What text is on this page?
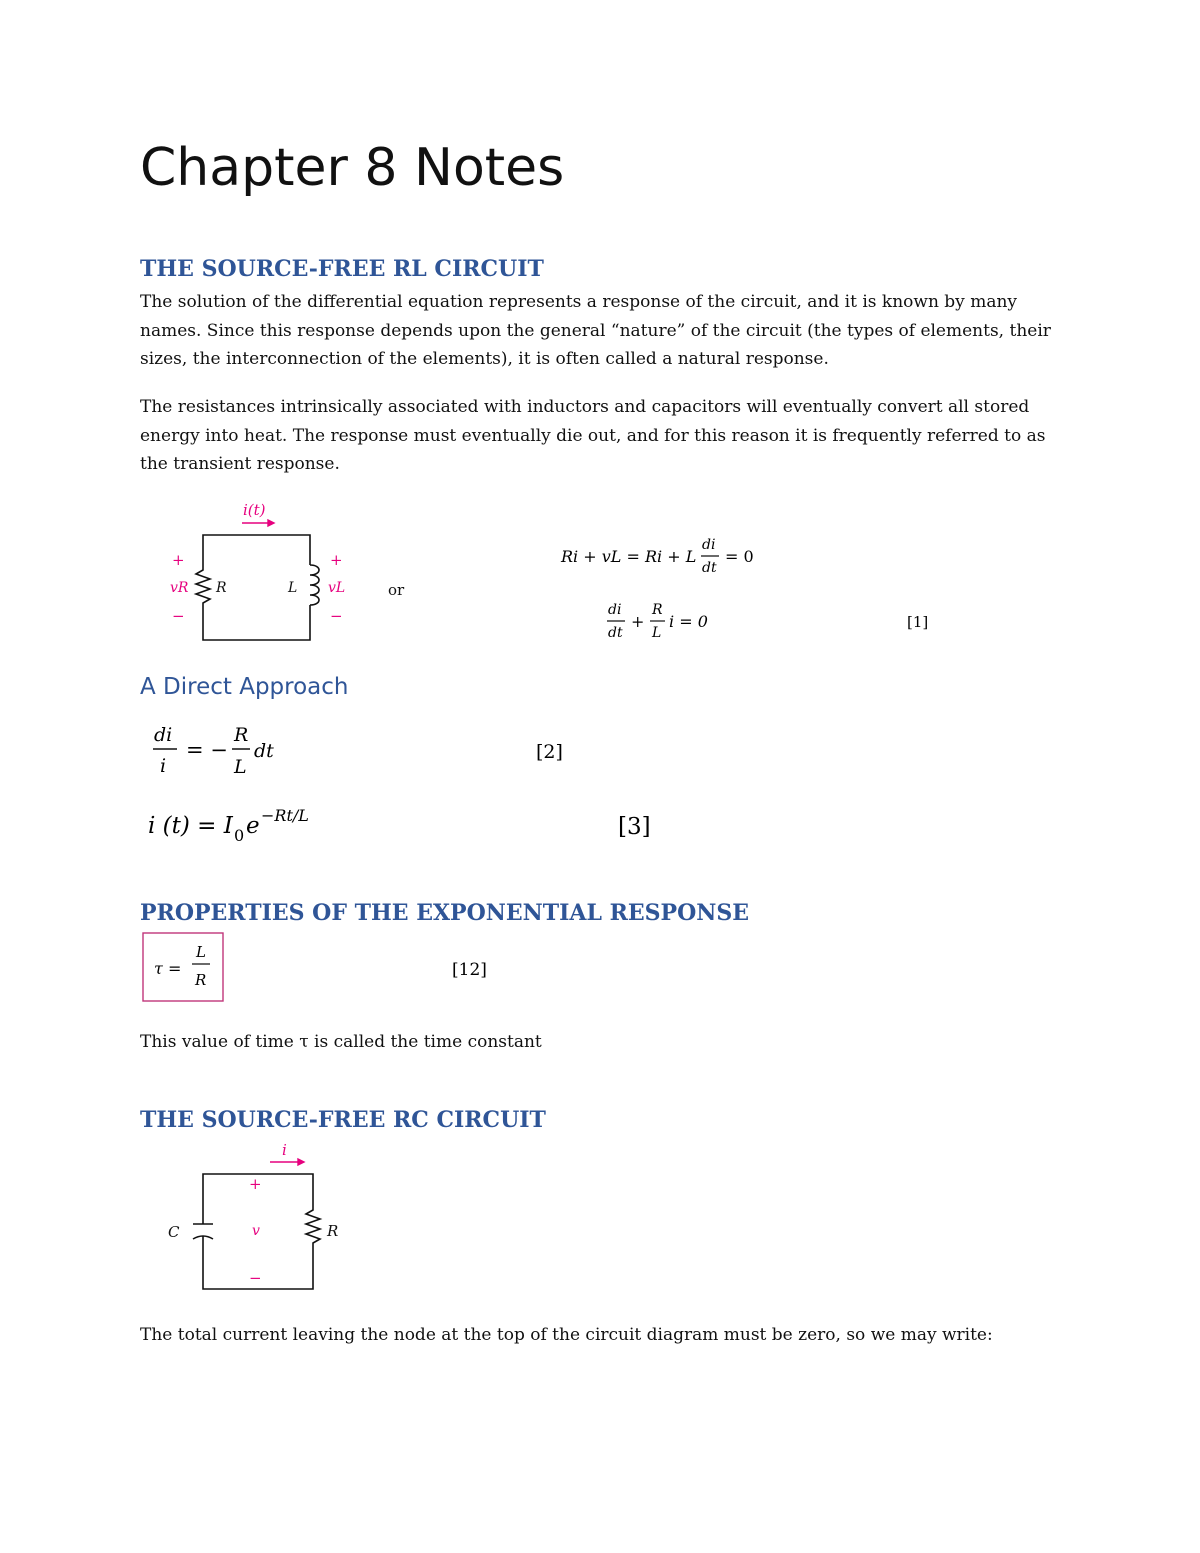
Chapter 8 Notes
THE SOURCE-FREE RL CIRCUIT

The solution of the differential equation represents a response of the circuit, and it is known by many names. Since this response depends upon the general “nature” of the circuit (the types of elements, their sizes, the interconnection of the elements), it is often called a natural response.

The resistances intrinsically associated with inductors and capacitors will eventually convert all stored energy into heat. The response must eventually die out, and for this reason it is frequently referred to as the transient response.

i(t)
+
vR
−
R	L
+
vL
−
or
Ri + vL = Ri + L
di
dt
= 0
di
dt
+
R
L
i = 0	[1]
A Direct Approach
di
i
= −
R
L
dt	[2]
i (t) = I 0 e −Rt/L	[3]
PROPERTIES OF THE EXPONENTIAL RESPONSE
τ =
L
R	[12]

This value of time τ is called the time constant

THE SOURCE-FREE RC CIRCUIT
i
C
+
v
−
R

The total current leaving the node at the top of the circuit diagram must be zero, so we may write:
